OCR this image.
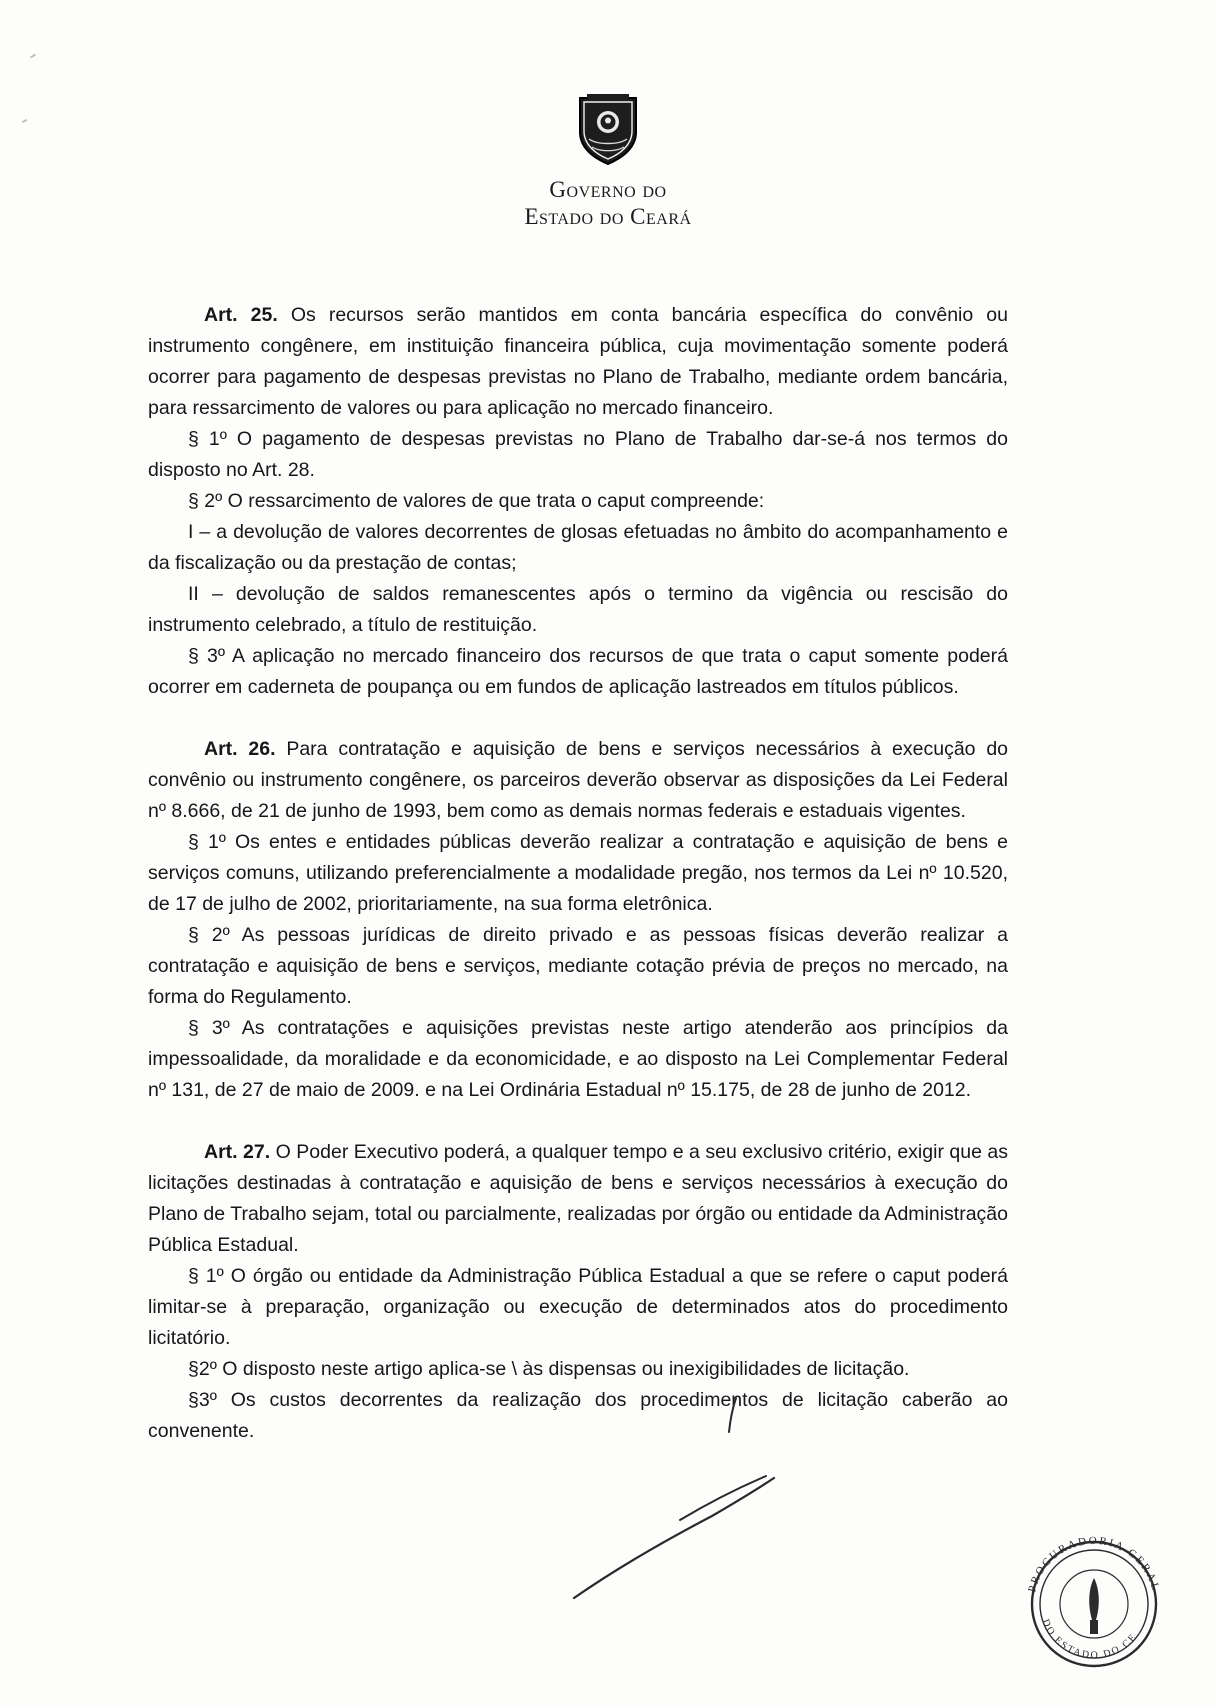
Governo do
Estado do Ceará

Art. 25. Os recursos serão mantidos em conta bancária específica do convênio ou instrumento congênere, em instituição financeira pública, cuja movimentação somente poderá ocorrer para pagamento de despesas previstas no Plano de Trabalho, mediante ordem bancária, para ressarcimento de valores ou para aplicação no mercado financeiro.

§ 1º O pagamento de despesas previstas no Plano de Trabalho dar-se-á nos termos do disposto no Art. 28.

§ 2º O ressarcimento de valores de que trata o caput compreende:

I – a devolução de valores decorrentes de glosas efetuadas no âmbito do acompanhamento e da fiscalização ou da prestação de contas;

II – devolução de saldos remanescentes após o termino da vigência ou rescisão do instrumento celebrado, a título de restituição.

§ 3º A aplicação no mercado financeiro dos recursos de que trata o caput somente poderá ocorrer em caderneta de poupança ou em fundos de aplicação lastreados em títulos públicos.

Art. 26. Para contratação e aquisição de bens e serviços necessários à execução do convênio ou instrumento congênere, os parceiros deverão observar as disposições da Lei Federal nº 8.666, de 21 de junho de 1993, bem como as demais normas federais e estaduais vigentes.

§ 1º Os entes e entidades públicas deverão realizar a contratação e aquisição de bens e serviços comuns, utilizando preferencialmente a modalidade pregão, nos termos da Lei nº 10.520, de 17 de julho de 2002, prioritariamente, na sua forma eletrônica.

§ 2º As pessoas jurídicas de direito privado e as pessoas físicas deverão realizar a contratação e aquisição de bens e serviços, mediante cotação prévia de preços no mercado, na forma do Regulamento.

§ 3º As contratações e aquisições previstas neste artigo atenderão aos princípios da impessoalidade, da moralidade e da economicidade, e ao disposto na Lei Complementar Federal nº 131, de 27 de maio de 2009. e na Lei Ordinária Estadual nº 15.175, de 28 de junho de 2012.

Art. 27. O Poder Executivo poderá, a qualquer tempo e a seu exclusivo critério, exigir que as licitações destinadas à contratação e aquisição de bens e serviços necessários à execução do Plano de Trabalho sejam, total ou parcialmente, realizadas por órgão ou entidade da Administração Pública Estadual.

§ 1º O órgão ou entidade da Administração Pública Estadual a que se refere o caput poderá limitar-se à preparação, organização ou execução de determinados atos do procedimento licitatório.

§2º O disposto neste artigo aplica-se \ às dispensas ou inexigibilidades de licitação.

§3º Os custos decorrentes da realização dos procedimentos de licitação caberão ao convenente.

PROCURADORIA GERAL
DO ESTADO DO CE
